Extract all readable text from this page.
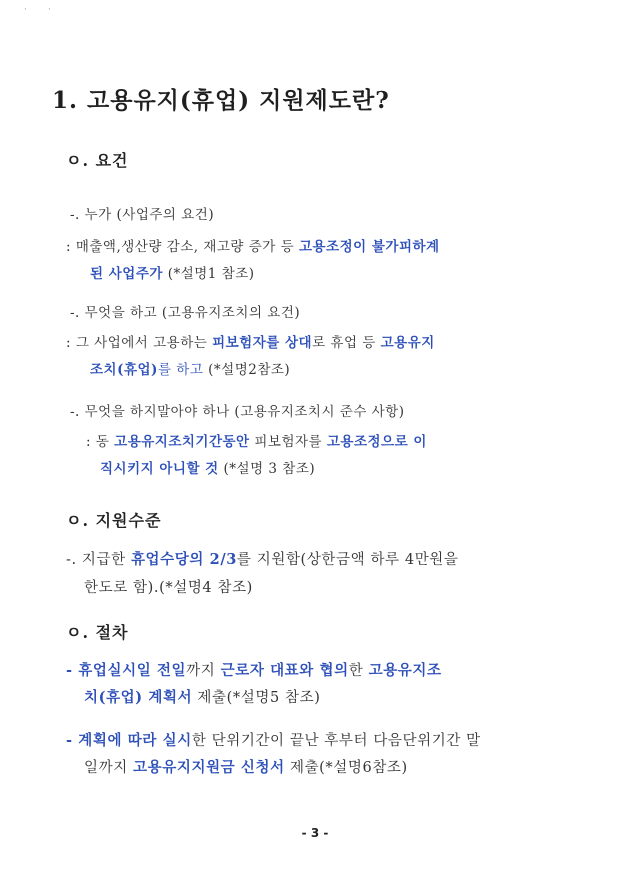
· ·
1. 고용유지(휴업) 지원제도란?
ㅇ. 요건
-. 누가 (사업주의 요건)
: 매출액,생산량 감소, 재고량 증가 등 고용조정이 불가피하계
된 사업주가 (*설명1 참조)
-. 무엇을 하고 (고용유지조치의 요건)
: 그 사업에서 고용하는 피보험자를 상대로 휴업 등 고용유지
조치(휴업)를 하고 (*설명2참조)
-. 무엇을 하지말아야 하나 (고용유지조치시 준수 사항)
: 동 고용유지조치기간동안 피보험자를 고용조정으로 이
직시키지 아니할 것 (*설명 3 참조)
ㅇ. 지원수준
-. 지급한 휴업수당의 2/3를 지원함(상한금액 하루 4만원을
한도로 함).(*설명4 참조)
ㅇ. 절차
- 휴업실시일 전일까지 근로자 대표와 협의한 고용유지조
치(휴업) 계획서 제출(*설명5 참조)
- 계획에 따라 실시한 단위기간이 끝난 후부터 다음단위기간 말
일까지 고용유지지원금 신청서 제출(*설명6참조)
- 3 -
